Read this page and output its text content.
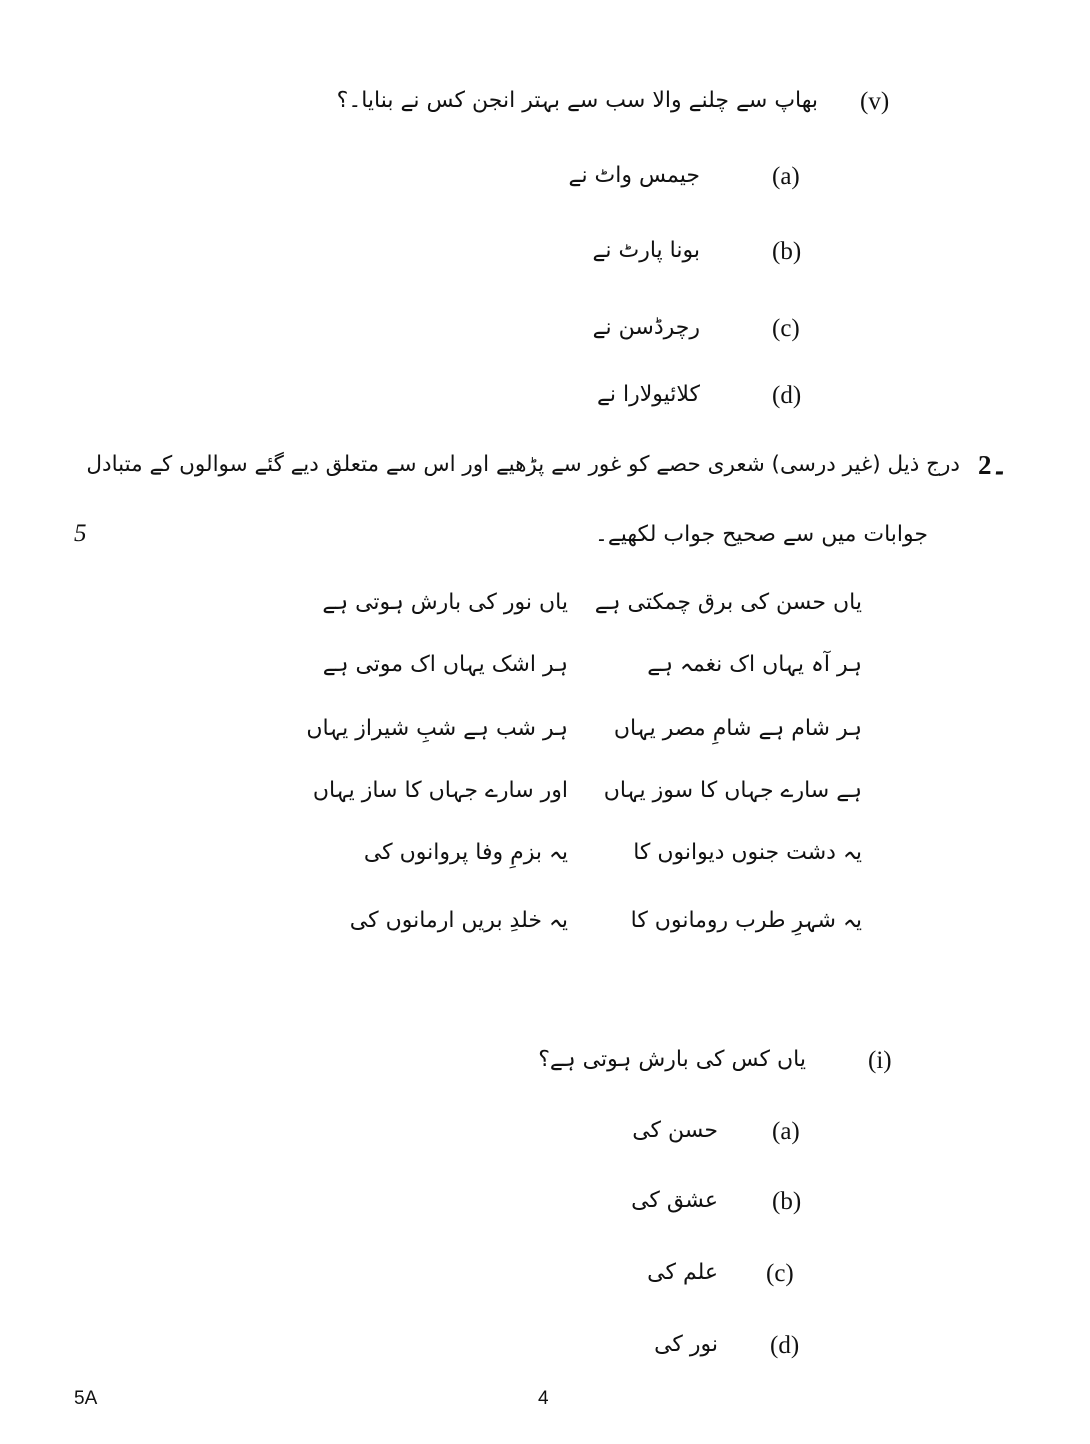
(v)
بھاپ سے چلنے والا سب سے بہتر انجن کس نے بنایا۔؟
(a)
جیمس واٹ نے
(b)
بونا پارٹ نے
(c)
رچرڈسن نے
(d)
کلائیولارا نے
2۔
درج ذیل (غیر درسی) شعری حصے کو غور سے پڑھیے اور اس سے متعلق دیے گئے سوالوں کے متبادل
جوابات میں سے صحیح جواب لکھیے۔
5
یاں حسن کی برق چمکتی ہے
یاں نور کی بارش ہوتی ہے
ہر آہ یہاں اک نغمہ ہے
ہر اشک یہاں اک موتی ہے
ہر شام ہے شامِ مصر یہاں
ہر شب ہے شبِ شیراز یہاں
ہے سارے جہاں کا سوز یہاں
اور سارے جہاں کا ساز یہاں
یہ دشت جنوں دیوانوں کا
یہ بزمِ وفا پروانوں کی
یہ شہرِ طرب رومانوں کا
یہ خلدِ بریں ارمانوں کی
(i)
یاں کس کی بارش ہوتی ہے؟
(a)
حسن کی
(b)
عشق کی
(c)
علم کی
(d)
نور کی
5A	4
